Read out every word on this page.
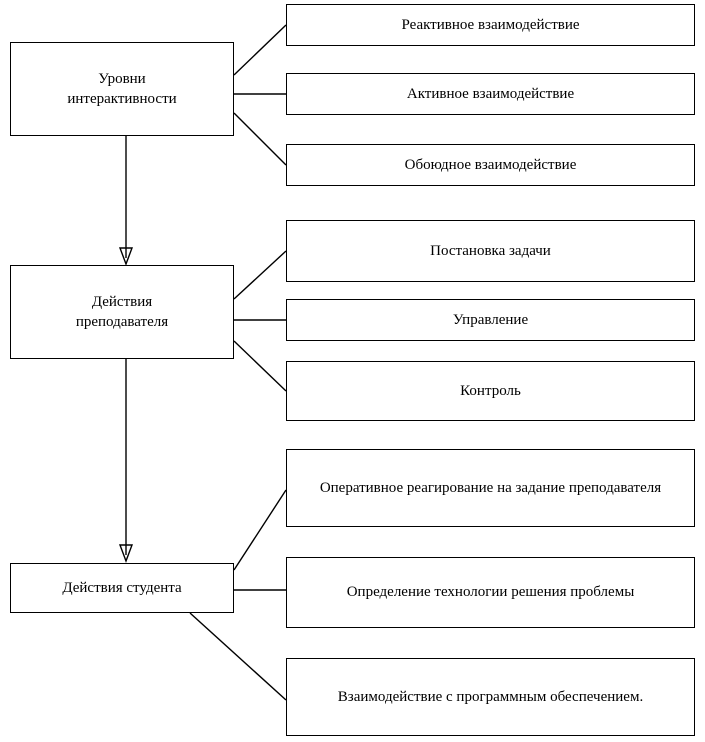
Уровни
интерактивности
Реактивное взаимодействие
Активное взаимодействие
Обоюдное взаимодействие
Действия
преподавателя
Постановка задачи
Управление
Контроль
Действия студента
Оперативное реагирование на задание преподавателя
Определение технологии решения проблемы
Взаимодействие с программным обеспечением.
